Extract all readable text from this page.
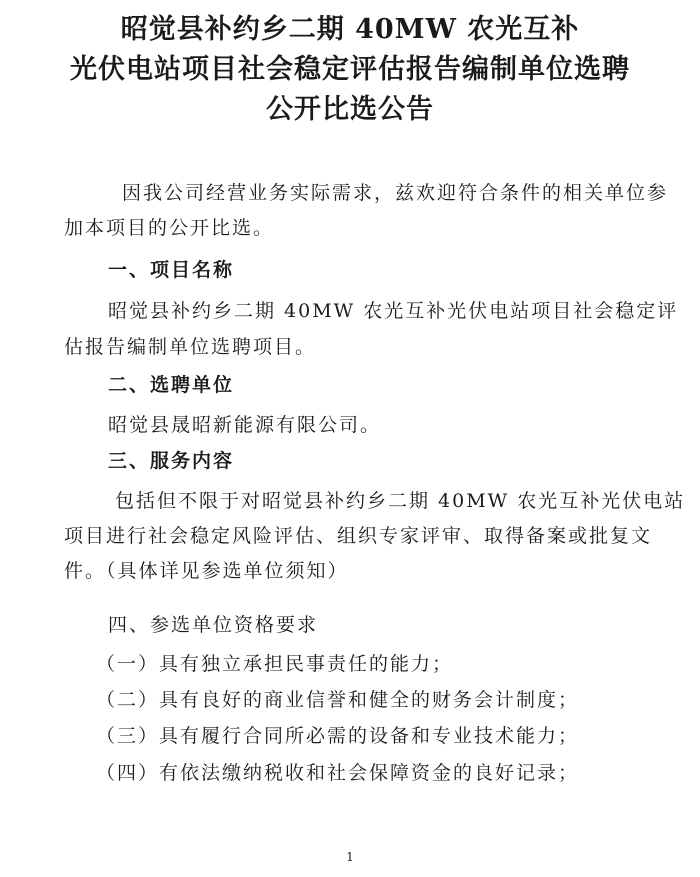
昭觉县补约乡二期 40MW 农光互补
光伏电站项目社会稳定评估报告编制单位选聘
公开比选公告
因我公司经营业务实际需求，兹欢迎符合条件的相关单位参
加本项目的公开比选。
一、项目名称
昭觉县补约乡二期 40MW 农光互补光伏电站项目社会稳定评
估报告编制单位选聘项目。
二、选聘单位
昭觉县晟昭新能源有限公司。
三、服务内容
包括但不限于对昭觉县补约乡二期 40MW 农光互补光伏电站
项目进行社会稳定风险评估、组织专家评审、取得备案或批复文
件。（具体详见参选单位须知）
四、参选单位资格要求
（一）具有独立承担民事责任的能力；
（二）具有良好的商业信誉和健全的财务会计制度；
（三）具有履行合同所必需的设备和专业技术能力；
（四）有依法缴纳税收和社会保障资金的良好记录；
1
